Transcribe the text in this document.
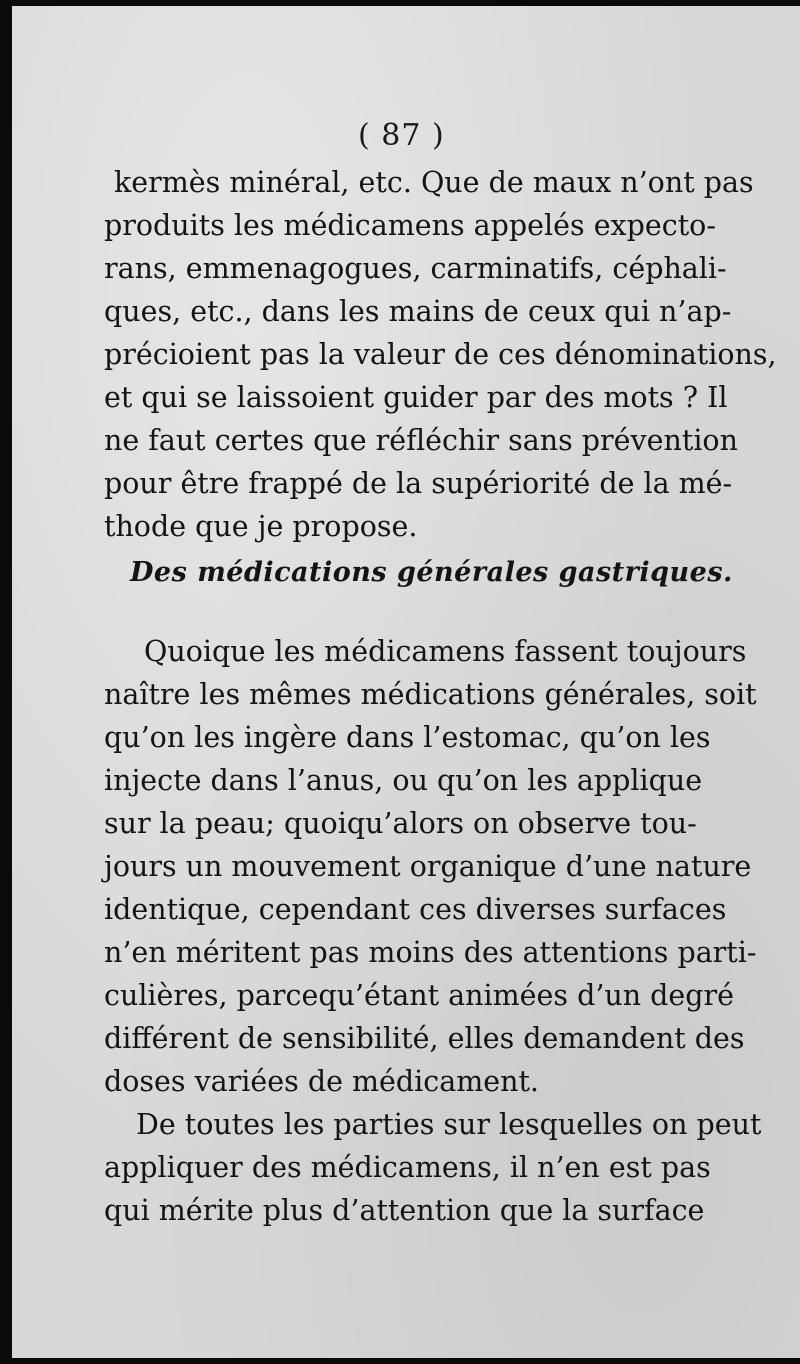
( 87 )
kermès minéral, etc. Que de maux n’ont pas
produits les médicamens appelés expecto-
rans, emmenagogues, carminatifs, céphali-
ques, etc., dans les mains de ceux qui n’ap-
précioient pas la valeur de ces dénominations,
et qui se laissoient guider par des mots ? Il
ne faut certes que réfléchir sans prévention
pour être frappé de la supériorité de la mé-
thode que je propose.
Des médications générales gastriques.
Quoique les médicamens fassent toujours
naître les mêmes médications générales, soit
qu’on les ingère dans l’estomac, qu’on les
injecte dans l’anus, ou qu’on les applique
sur la peau; quoiqu’alors on observe tou-
jours un mouvement organique d’une nature
identique, cependant ces diverses surfaces
n’en méritent pas moins des attentions parti-
culières, parcequ’étant animées d’un degré
différent de sensibilité, elles demandent des
doses variées de médicament.
De toutes les parties sur lesquelles on peut
appliquer des médicamens, il n’en est pas
qui mérite plus d’attention que la surface
